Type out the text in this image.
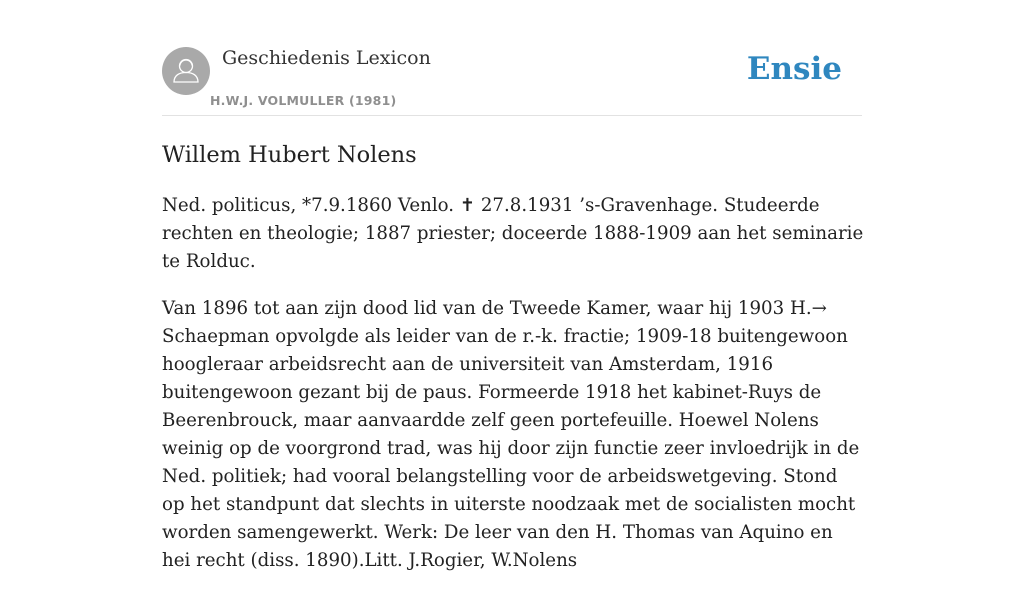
Geschiedenis Lexicon
H.W.J. VOLMULLER (1981)
Ensie
Willem Hubert Nolens

Ned. politicus, *7.9.1860 Venlo. ✝ 27.8.1931 ’s-Gravenhage. Studeerde rechten en theologie; 1887 priester; doceerde 1888-1909 aan het seminarie te Rolduc.

Van 1896 tot aan zijn dood lid van de Tweede Kamer, waar hij 1903 H.→ Schaepman opvolgde als leider van de r.-k. fractie; 1909-18 buitengewoon hoogleraar arbeidsrecht aan de universiteit van Amsterdam, 1916 buitengewoon gezant bij de paus. Formeerde 1918 het kabinet-Ruys de Beerenbrouck, maar aanvaardde zelf geen portefeuille. Hoewel Nolens weinig op de voorgrond trad, was hij door zijn functie zeer invloedrijk in de Ned. politiek; had vooral belangstelling voor de arbeidswetgeving. Stond op het standpunt dat slechts in uiterste noodzaak met de socialisten mocht worden samengewerkt. Werk: De leer van den H. Thomas van Aquino en hei recht (diss. 1890).Litt. J.Rogier, W.Nolens
